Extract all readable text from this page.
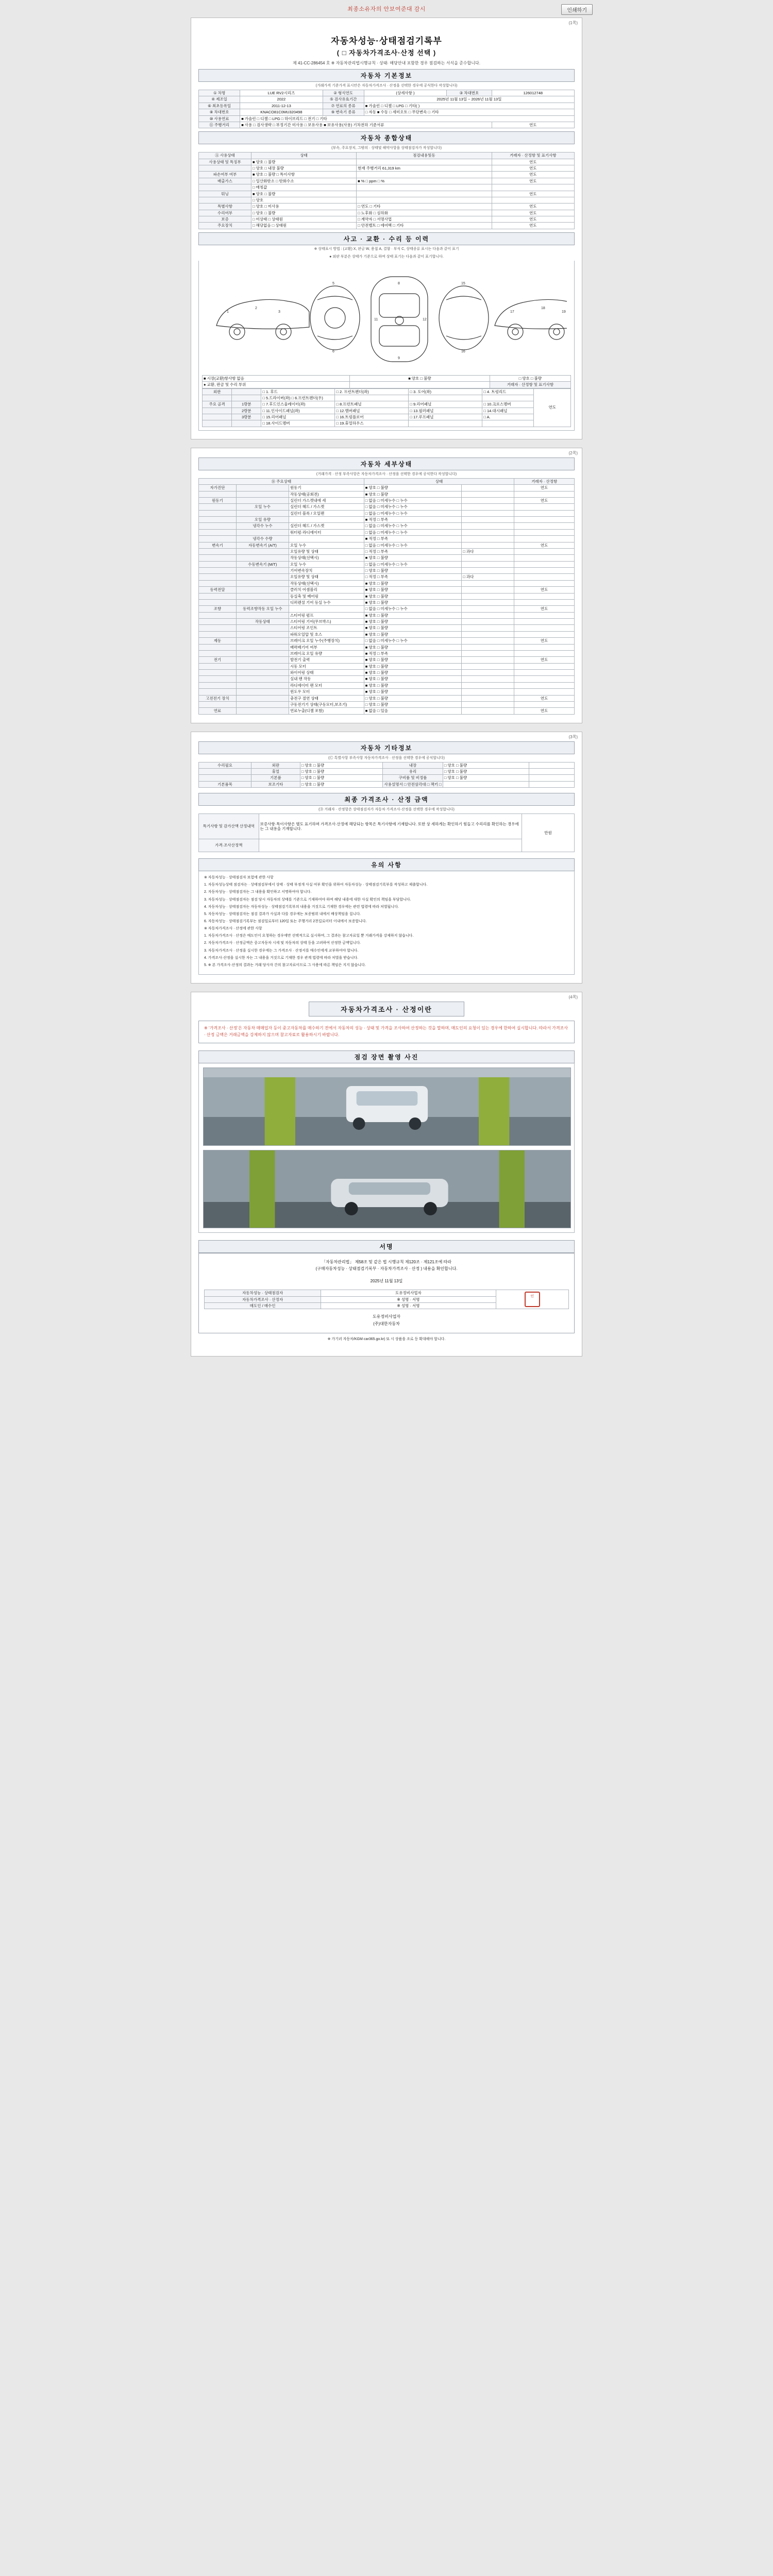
최종소유자의 안보여준대 감시	인쇄하기
(1쪽)
자동차성능·상태점검기록부
( □ 자동차가격조사·산정 선택 )
제 41-CC-286454 호 ※ 자동차관리법시행규칙 · 상태· 해당안내 포함한 경우 점검하는 서식을 준수합니다.
자동차 기본정보
(거래가격 기준가격 표시안은 자동차가격조사 · 산정을 선택한 경우에 공식한다 작성합니다)
① 차명	LUE RV2시리즈	② 형식연도	(상세사항 )	③ 차대번호	126012748
④ 제조일	2022	⑤ 검사유효기간	2025년 11월 13일 ~ 2026년 11월 13일		
⑥ 최초등록일	2011-12-13	⑦ 연료의 종류	■ 가솔린 □ 디젤 □ LPG □ 기타( )		
⑧ 차대번호	KNACO81C0MU320498	⑨ 변속기 종류	□ 자동 ■ 수동 □ 세미오토 □ 무단변속 □ 기타		
⑩ 사용연료	■ 가솔린 □ 디젤 □ LPG □ 하이브리드 □ 전기 □ 기타				
⑪ 주행거리	■ 사용 □ 검사생략 □ 부정기간 미사용 □ 보유사용 ■ 보유사용(사용) 기차전하 기준서류				연도
자동차 종합상태
(부속, 주요장치, 그밖의 · 상태및 해약사항을 상태점검자가 작성합니다)
Ⓐ 사용상태	상태	점검내용및동	거래자 · 산정항 및 표기사항
사용상태 및 특징부	■ 양호 □ 불량		연도
	□ 양호 □ 내장 불량	현재 주행거리 61,319 km	연도
파손여부 여부	■ 양호 □ 불량 □ 특이사항		연도
배출가스	□ 일산화탄소 □ 탄화수소	■ % □ ppm □ %	연도
	□ 매칭값		
튀닝	■ 양호 □ 불량		연도
	□ 양호		
특별사항	□ 양호 □ 미사용	□ 연도 □ 기타	연도
수리여부	□ 양호 □ 불량	□ 노후화 □ 심하화	연도
보증	□ 미상태 □ 상태원	□ 계약자 □ 서명사업	연도
주요장치	□ 해당없음 □ 상태원	□ 안전벨트 □ 에어백 □ 기타	연도
사고 · 교환 · 수리 등 이력
※ 상태표시 방법 : (교환) X, 판금 W, 용접 A, 결함 · 부식 C, 상태종류 표시는 다음과 같이 표기
● 외판 부분은 상태가 기준으로 하며 상태 표기는 다음과 같이 표기합니다.
1
2
3
5
6
8
9
11	12
15
16
17
18
19
■ 시장(교환)항사항 없음	■ 양호 □ 불량	□ 양호 □ 불량
● 교환, 판금 및 수리 부위		거래자 · 산정항 및 표기사항
외판		□ 1. 후드	□ 2. 프런트펜더(좌)	□ 3. 도어(좌)	□ 4. 트렁리드	연도
		□ 5.드라이버(좌) □ 6.프런트펜더(우)				
주요 골격	1량분	□ 7.후드인스울레이터(좌)	□ 8.프런트패널	□ 9.리어패널	□ 10.크로스멤버	
	2량분	□ 11.인사이드패널(좌)	□ 12.멤버패널	□ 13.필러패널	□ 14.대시패널	
	3량분	□ 15.리어패널	□ 16.트렁플로어	□ 17.루프패널	□ A.	
		□ 18.사이드멤버	□ 19.휴얼하우스			
(2쪽)
자동차 세부상태
(거래가격 · 산정 부족사항은 자동차가격조사 · 산정을 선택한 경우에 공식한다 작성합니다)
Ⓑ 주요상태			상태		거래자 · 산정항
자가진단		원동기	■ 양호 □ 불량		연도
		작동상태(공회전)	■ 양호 □ 불량		
원동기		실린더 가스켓내에 세	□ 없음 □ 미세누수 □ 누수		연도
	오일 누수	실린더 헤드 / 가스켓	□ 없음 □ 미세누수 □ 누수		
		실린더 블록 / 오일팬	□ 없음 □ 미세누수 □ 누수		
	오일 유량		■ 적정 □ 부족		
	냉각수 누수	실린더 헤드 / 가스켓	□ 없음 □ 미세누수 □ 누수		
		워터펌·라디에이터	□ 없음 □ 미세누수 □ 누수		
	냉각수 수량		■ 적정 □ 부족		
변속기	자동변속기 (A/T)	오일 누수	□ 없음 □ 미세누수 □ 누수		연도
		오일유량 및 상태	□ 적정 □ 부족	□ 과다	
		작동상태(선택시)	■ 양호 □ 불량		
	수동변속기 (M/T)	오일 누수	□ 없음 □ 미세누수 □ 누수		
		기어변속장치	□ 양호 □ 불량		
		오일유량 및 상태	□ 적정 □ 부족	□ 과다	
		작동상태(선택시)	■ 양호 □ 불량		
동력전달		클러치 어셈블리	■ 양호 □ 불량		연도
		등실축 및 베어링	■ 양호 □ 불량		
		디퍼렌셜 기어 등실 누수	■ 양호 □ 불량		
조향	동력조향작동 오일 누수		□ 없음 □ 미세누수 □ 누수		연도
		스티어링 펌프	■ 양호 □ 불량		
	작동상태	스티어링 기어(무브박스)	■ 양호 □ 불량		
		스티어링 조인트	■ 양호 □ 불량		
		파워오일압 및 호스	■ 양호 □ 불량		
제동		브레이크 오일 누수(주행장치)	□ 없음 □ 미세누수 □ 누수		연도
		배력배기어 여부	■ 양호 □ 불량		
		브레이크 오일 유량	■ 적정 □ 부족		
전기		발전기 출력	■ 양호 □ 불량		연도
		시동 모터	■ 양호 □ 불량		
		와이어링 상태	■ 양호 □ 불량		
		실내 팬 작동	■ 양호 □ 불량		
		라디에이터 팬 모터	■ 양호 □ 불량		
		윈도우 모터	■ 양호 □ 불량		
고전전기 장치		충전구 절연 상태	□ 양호 □ 불량		연도
		구동전기기 상태(구동모터,보조기)	□ 양호 □ 불량		
연료		연료누출(디젤 포함)	■ 없음 □ 있음		연도
(3쪽)
자동차 기타정보
(Ⓒ 특별사항 부족사항 자동차가격조사 · 산정을 선택한 경우에 공식합니다)
수리필요	외판	□ 양호 □ 불량	내장	□ 양호 □ 불량	
	휴얼	□ 양호 □ 불량	유리	□ 양호 □ 불량	
	기본품	□ 양호 □ 불량	구비품 및 비정품	□ 양호 □ 불량	
기본품목	보조기타	□ 양호 □ 불량	사용설명서 □ 안전삼각대 □ 잭키 □		
최종 가격조사 · 산정 금액
(Ⓓ 거래자 · 산정항은 상태점검자가 자동차 가격조사·산정을 선택한 경우에 작성합니다)
특기사항 및 감가산액 산정내역	보증사항·특이사항은 별도 표기하며 가격조사·산정에 해당되는 항목은 특기사항에 기재합니다. 또한 상 세하게는 확인하기 힘들고 수리리를 확인하는 경우에는 그 내용을 기재합니다.	만원
가격·조사산정액		
유의 사항

※ 자동차성능 · 상태점검자 보험에 관한 사항

1. 자동차성능상태 점검자는 · 상태점검부에서 상태 · 상태 부정개 사실 여부 확인을 위하여 자동차성능 · 상태점검기록부를 작성하고 제출합니다.

2. 자동차성능 · 상태점검자는 그 내용을 확인하고 서명하여야 합니다.

3. 자동차성능 · 상태점검자는 점검 당시 자동차의 상태를 기준으로 기재하여야 하며 해당 내용에 대한 사실 확인의 책임을 부담합니다.

4. 자동차성능 · 상태점검자는 자동차성능 · 상태점검기록부의 내용을 거짓으로 기재한 경우에는 관련 법령에 따라 처벌됩니다.

5. 자동차성능 · 상태점검자는 점검 결과가 사실과 다를 경우에는 보증범위 내에서 배상책임을 집니다.

6. 자동차성능 · 상태점검기록부는 점검일로부터 120일 또는 주행거리 2천킬로미터 이내에서 보증합니다.

※ 자동차가격조사 · 산정에 관한 사항

1. 자동차가격조사 · 산정은 매도인이 요청하는 경우에만 선택적으로 실시하며, 그 결과는 참고자료일 뿐 거래가격을 강제하지 않습니다.

2. 자동차가격조사 · 산정금액은 중고자동차 시세 및 자동차의 상태 등을 고려하여 산정한 금액입니다.

3. 자동차가격조사 · 산정을 실시한 경우에는 그 가격조사 · 산정서를 매수인에게 교부하여야 합니다.

4. 가격조사·산정을 실시한 자는 그 내용을 거짓으로 기재한 경우 관계 법령에 따라 처벌을 받습니다.

5. ※ 본 가격조사·산정의 결과는 거래 당사자 간의 참고자료이므로 그 사용에 따른 책임은 지지 않습니다.

(4쪽)
자동차가격조사 · 산정이란
※ ‘가격조사 · 산정’은 자동차 매매업자 등이 중고자동차를 매수하기 전에서 자동차의 성능 · 상태 및 가격을 조사하여 산정하는 것을 말하며, 매도인의 요청이 있는 경우에 한하여 실시합니다. 따라서 가격조사 · 산정 금액은 거래금액을 강제하지 않으며 참고자료로 활용하시기 바랍니다.
점검 장면 촬영 사진
서명
「자동차관리법」 제58조 및 같은 법 시행규칙 제120조 · 제121조에 따라
(구매자동차성능 · 상태점검기록부 · 자동차가격조사 · 산정 ) 내용을 확인합니다.
2025년 11월 13일
자동차성능 · 상태점검자	도유정비사업자	인
자동차가격조사 · 산정자	※ 성명 · 서명	
매도인 / 매수인	※ 성명 · 서명	
도유정비사업자
(주)대한자동차
※ 가기러 자동차/KGM·car365.go.kr) 또 시 상품을 조로 등 확대해야 합니다.
